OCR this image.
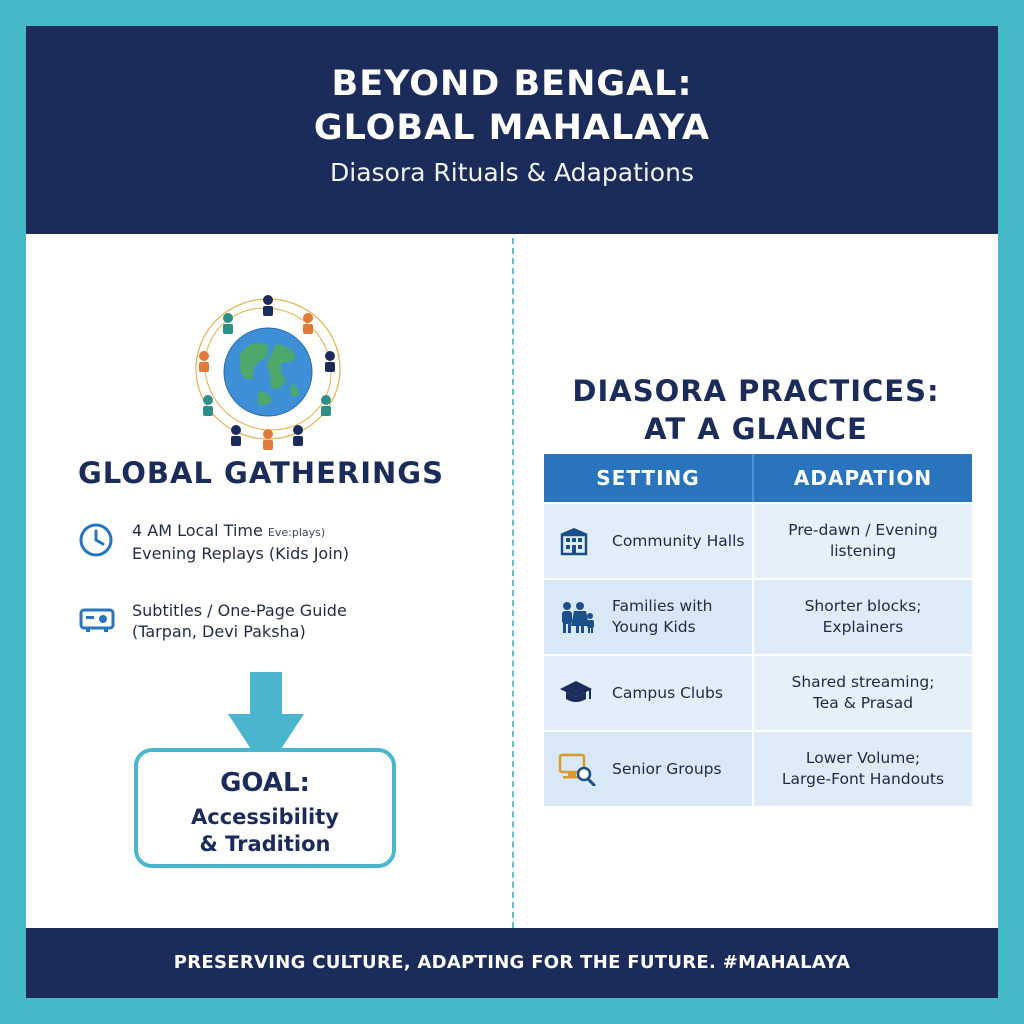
BEYOND BENGAL:
GLOBAL MAHALAYA
Diasora Rituals & Adapations
GLOBAL GATHERINGS
4 AM Local Time Eve:plays)
Evening Replays (Kids Join)
Subtitles / One-Page Guide
(Tarpan, Devi Paksha)
GOAL:
Accessibility
& Tradition
DIASORA PRACTICES:
AT A GLANCE
SETTING	ADAPATION
Community Halls
Pre-dawn / Evening
listening
Families with
Young Kids
Shorter blocks;
Explainers
Campus Clubs
Shared streaming;
Tea & Prasad
Senior Groups
Lower Volume;
Large-Font Handouts
PRESERVING CULTURE, ADAPTING FOR THE FUTURE. #MAHALAYA
